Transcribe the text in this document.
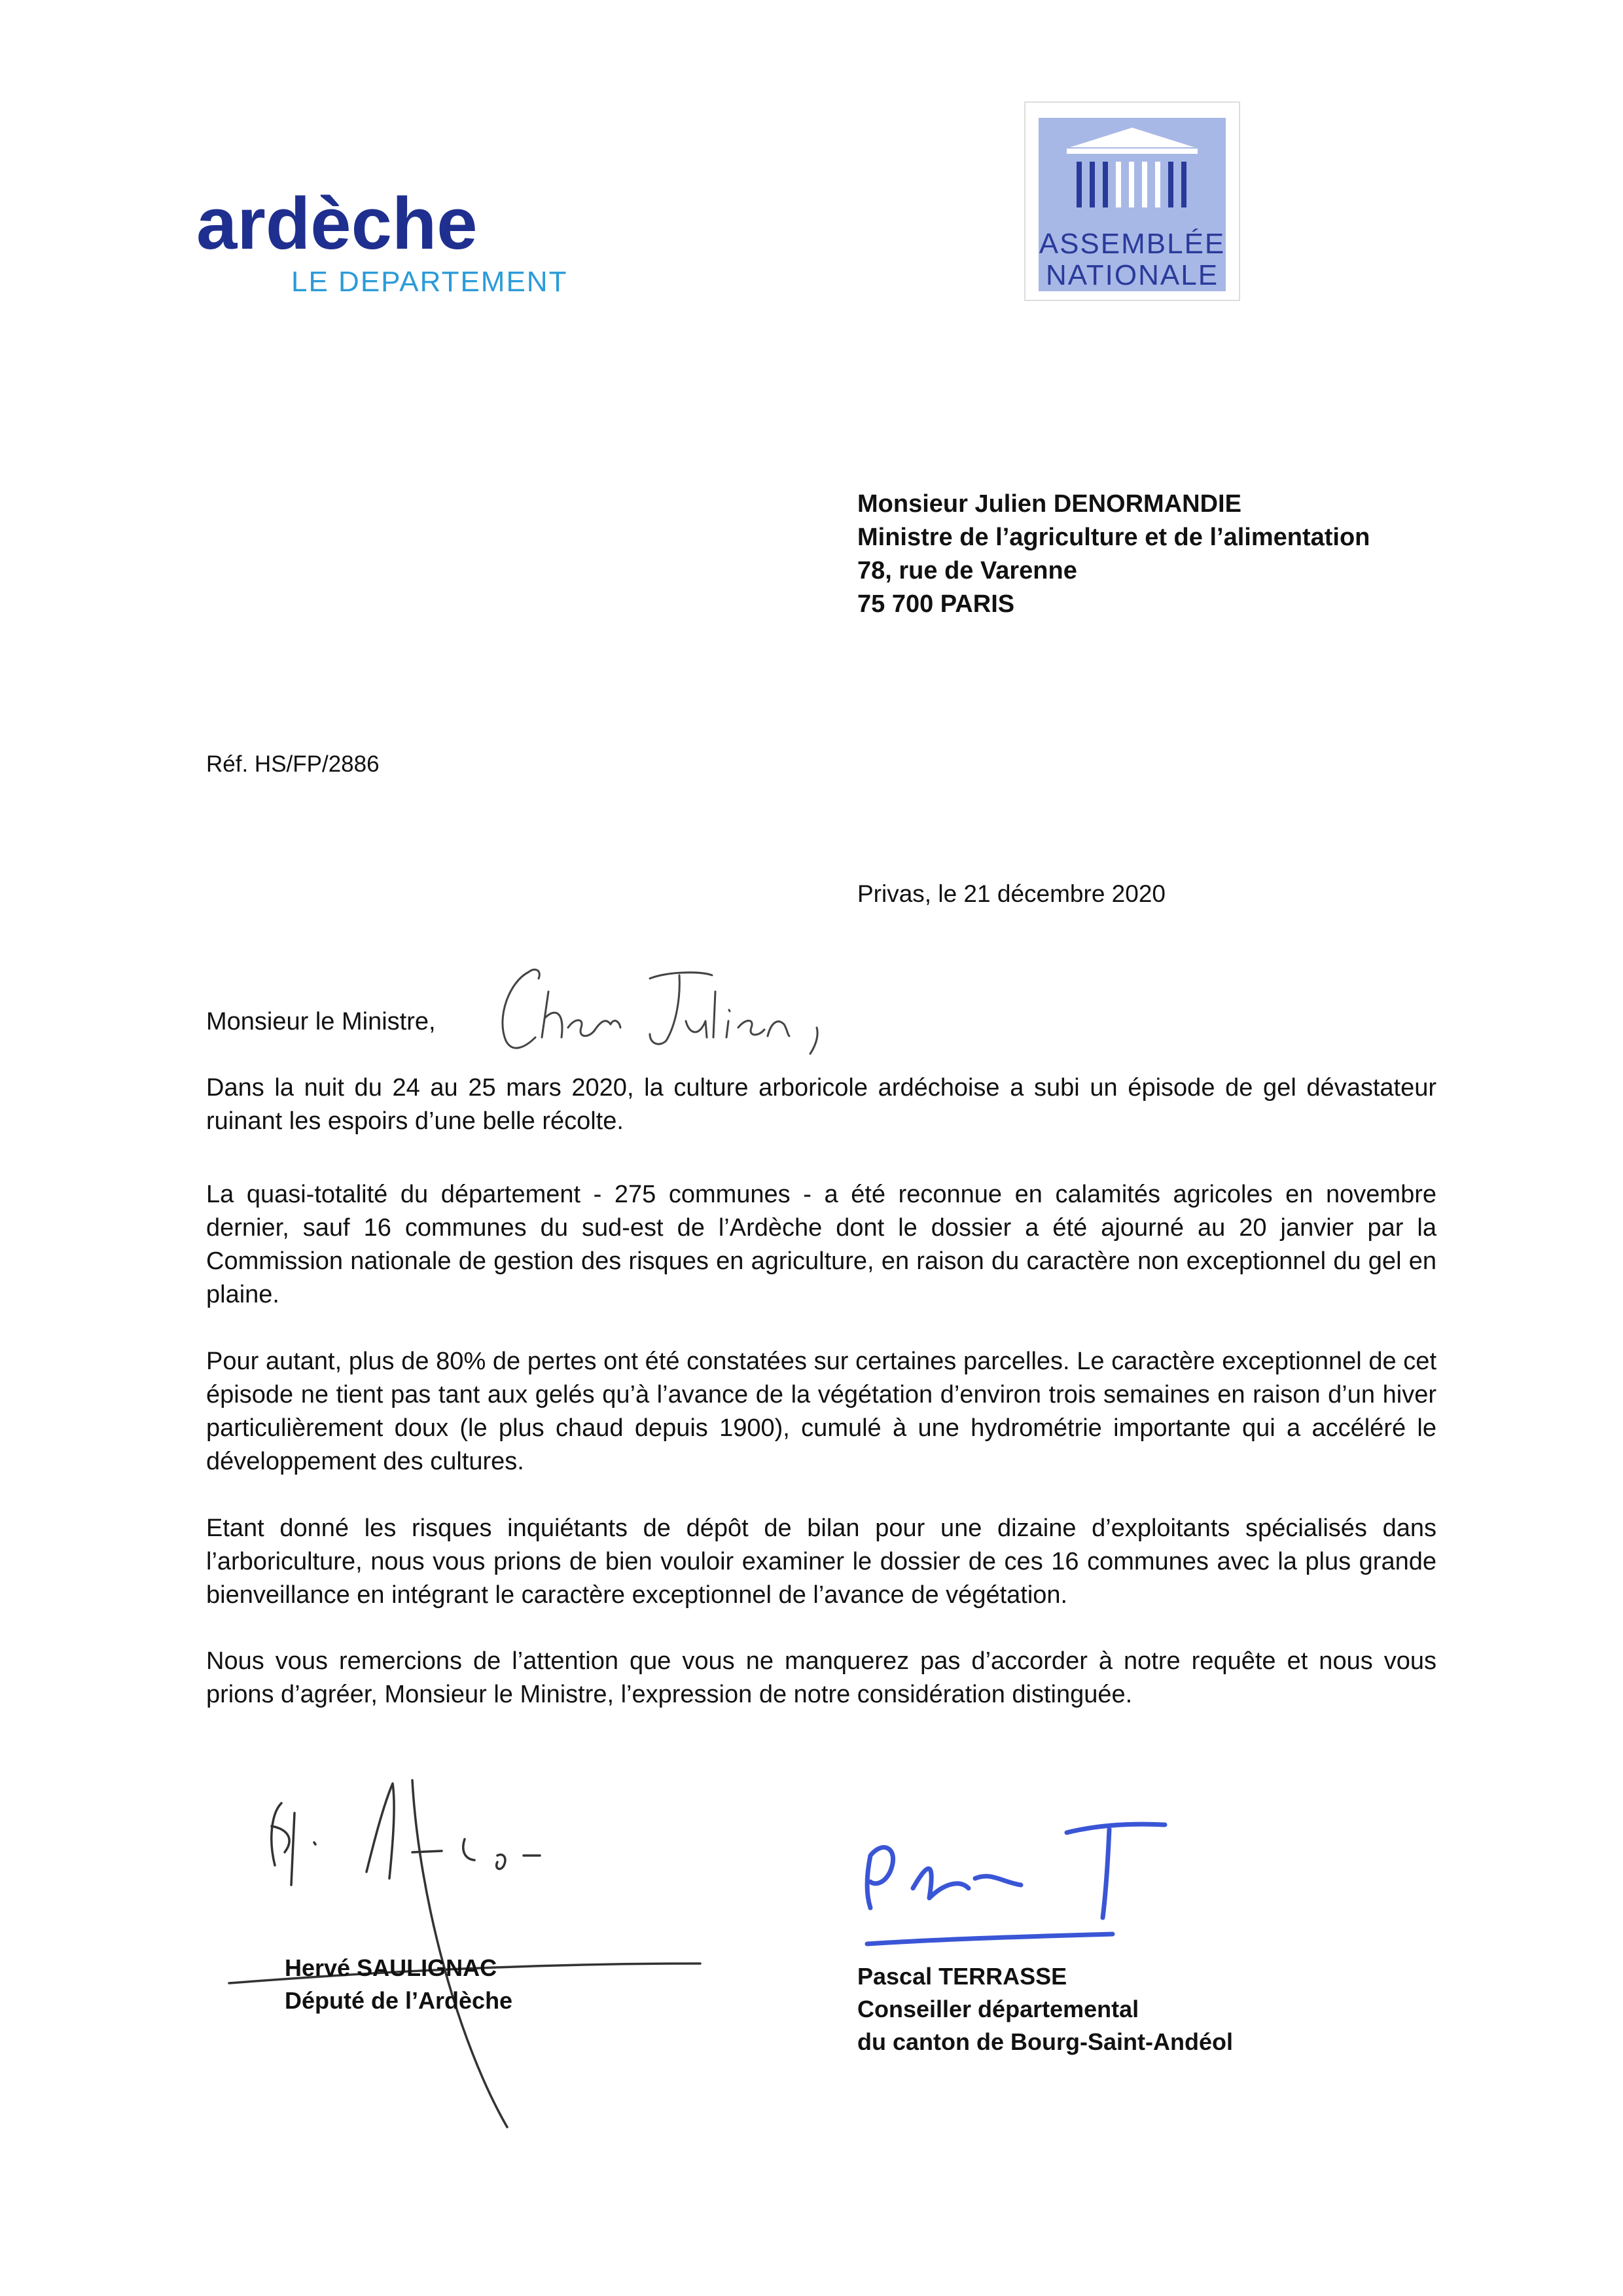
ardèche
LE DEPARTEMENT
ASSEMBLÉE
NATIONALE
Monsieur Julien DENORMANDIE
Ministre de l’agriculture et de l’alimentation
78, rue de Varenne
75 700 PARIS
Réf. HS/FP/2886
Privas, le 21 décembre 2020
Monsieur le Ministre,
Dans la nuit du 24 au 25 mars 2020, la culture arboricole ardéchoise a subi un épisode de gel dévastateur ruinant les espoirs d’une belle récolte.
La quasi-totalité du département - 275 communes - a été reconnue en calamités agricoles en novembre dernier, sauf 16 communes du sud-est de l’Ardèche dont le dossier a été ajourné au 20 janvier par la Commission nationale de gestion des risques en agriculture, en raison du caractère non exceptionnel du gel en plaine.
Pour autant, plus de 80% de pertes ont été constatées sur certaines parcelles. Le caractère exceptionnel de cet épisode ne tient pas tant aux gelés qu’à l’avance de la végétation d’environ trois semaines en raison d’un hiver particulièrement doux (le plus chaud depuis 1900), cumulé à une hydrométrie importante qui a accéléré le développement des cultures.
Etant donné les risques inquiétants de dépôt de bilan pour une dizaine d’exploitants spécialisés dans l’arboriculture, nous vous prions de bien vouloir examiner le dossier de ces 16 communes avec la plus grande bienveillance en intégrant le caractère exceptionnel de l’avance de végétation.
Nous vous remercions de l’attention que vous ne manquerez pas d’accorder à notre requête et nous vous prions d’agréer, Monsieur le Ministre, l’expression de notre considération distinguée.
Hervé SAULIGNAC
Député de l’Ardèche
Pascal TERRASSE
Conseiller départemental
du canton de Bourg-Saint-Andéol
